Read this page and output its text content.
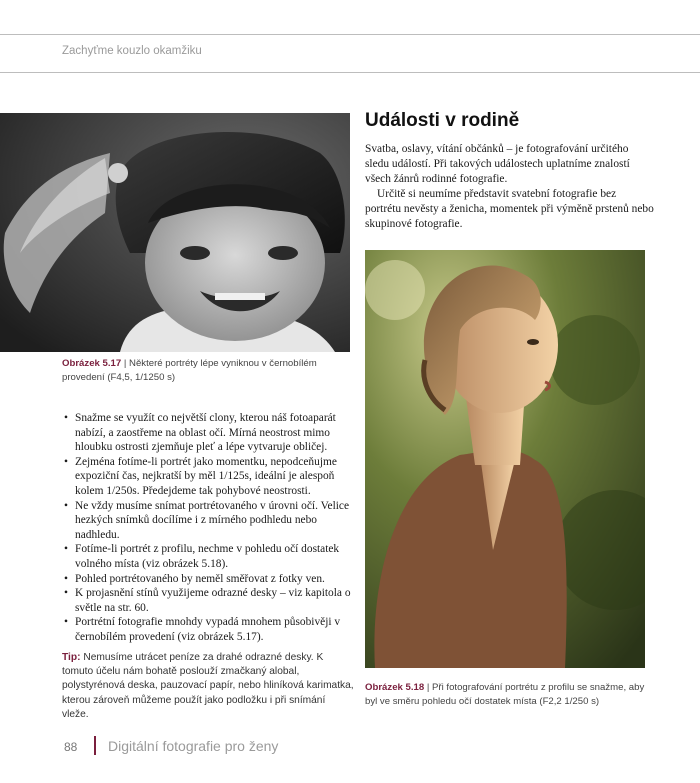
Zachyťme kouzlo okamžiku
Obrázek 5.17 | Některé portréty lépe vyniknou v černobílém provedení (F4,5, 1/1250 s)
• Snažme se využít co největší clony, kterou náš fotoaparát nabízí, a zaostřeme na oblast očí. Mírná neostrost mimo hloubku ostrosti zjemňuje pleť a lépe vytvaruje obličej.
• Zejména fotíme-li portrét jako momentku, nepodceňujme expoziční čas, nejkratší by měl 1/125s, ideální je alespoň kolem 1/250s. Předejdeme tak pohybové neostrosti.
• Ne vždy musíme snímat portrétovaného v úrovni očí. Velice hezkých snímků docílíme i z mírného podhledu nebo nadhledu.
• Fotíme-li portrét z profilu, nechme v pohledu očí dostatek volného místa (viz obrázek 5.18).
• Pohled portrétovaného by neměl směřovat z fotky ven.
• K projasnění stínů využijeme odrazné desky – viz kapitola o světle na str. 60.
• Portrétní fotografie mnohdy vypadá mnohem působivěji v černobílém provedení (viz obrázek 5.17).
Tip: Nemusíme utrácet peníze za drahé odrazné desky. K tomuto účelu nám bohatě poslouží zmačkaný alobal, polystyrénová deska, pauzovací papír, nebo hliníková karimatka, kterou zároveň můžeme použít jako podložku i při snímání vleže.
Události v rodině

Svatba, oslavy, vítání občánků – je fotografování určitého sledu událostí. Při takových událostech uplatníme znalostí všech žánrů rodinné fotografie.

Určitě si neumíme představit svatební fotografie bez portrétu nevěsty a ženicha, momentek při výměně prstenů nebo skupinové fotografie.

Obrázek 5.18 | Při fotografování portrétu z profilu se snažme, aby byl ve směru pohledu očí dostatek místa (F2,2 1/250 s)
88 Digitální fotografie pro ženy
